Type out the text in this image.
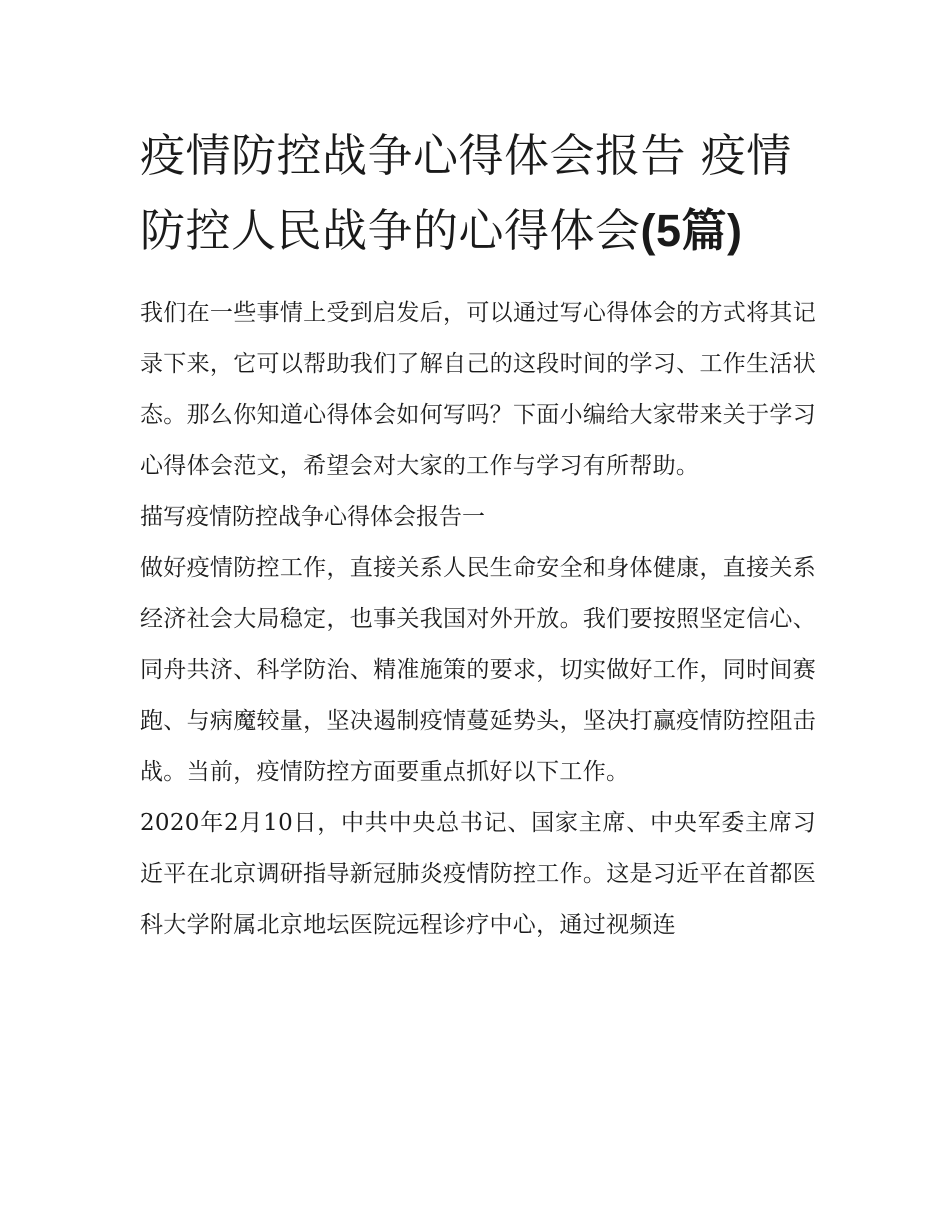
疫情防控战争心得体会报告 疫情防控人民战争的心得体会(5篇)

我们在一些事情上受到启发后，可以通过写心得体会的方式将其记录下来，它可以帮助我们了解自己的这段时间的学习、工作生活状态。那么你知道心得体会如何写吗？下面小编给大家带来关于学习心得体会范文，希望会对大家的工作与学习有所帮助。

描写疫情防控战争心得体会报告一

做好疫情防控工作，直接关系人民生命安全和身体健康，直接关系经济社会大局稳定，也事关我国对外开放。我们要按照坚定信心、同舟共济、科学防治、精准施策的要求，切实做好工作，同时间赛跑、与病魔较量，坚决遏制疫情蔓延势头，坚决打赢疫情防控阻击战。当前，疫情防控方面要重点抓好以下工作。

2020年2月10日，中共中央总书记、国家主席、中央军委主席习近平在北京调研指导新冠肺炎疫情防控工作。这是习近平在首都医科大学附属北京地坛医院远程诊疗中心，通过视频连
